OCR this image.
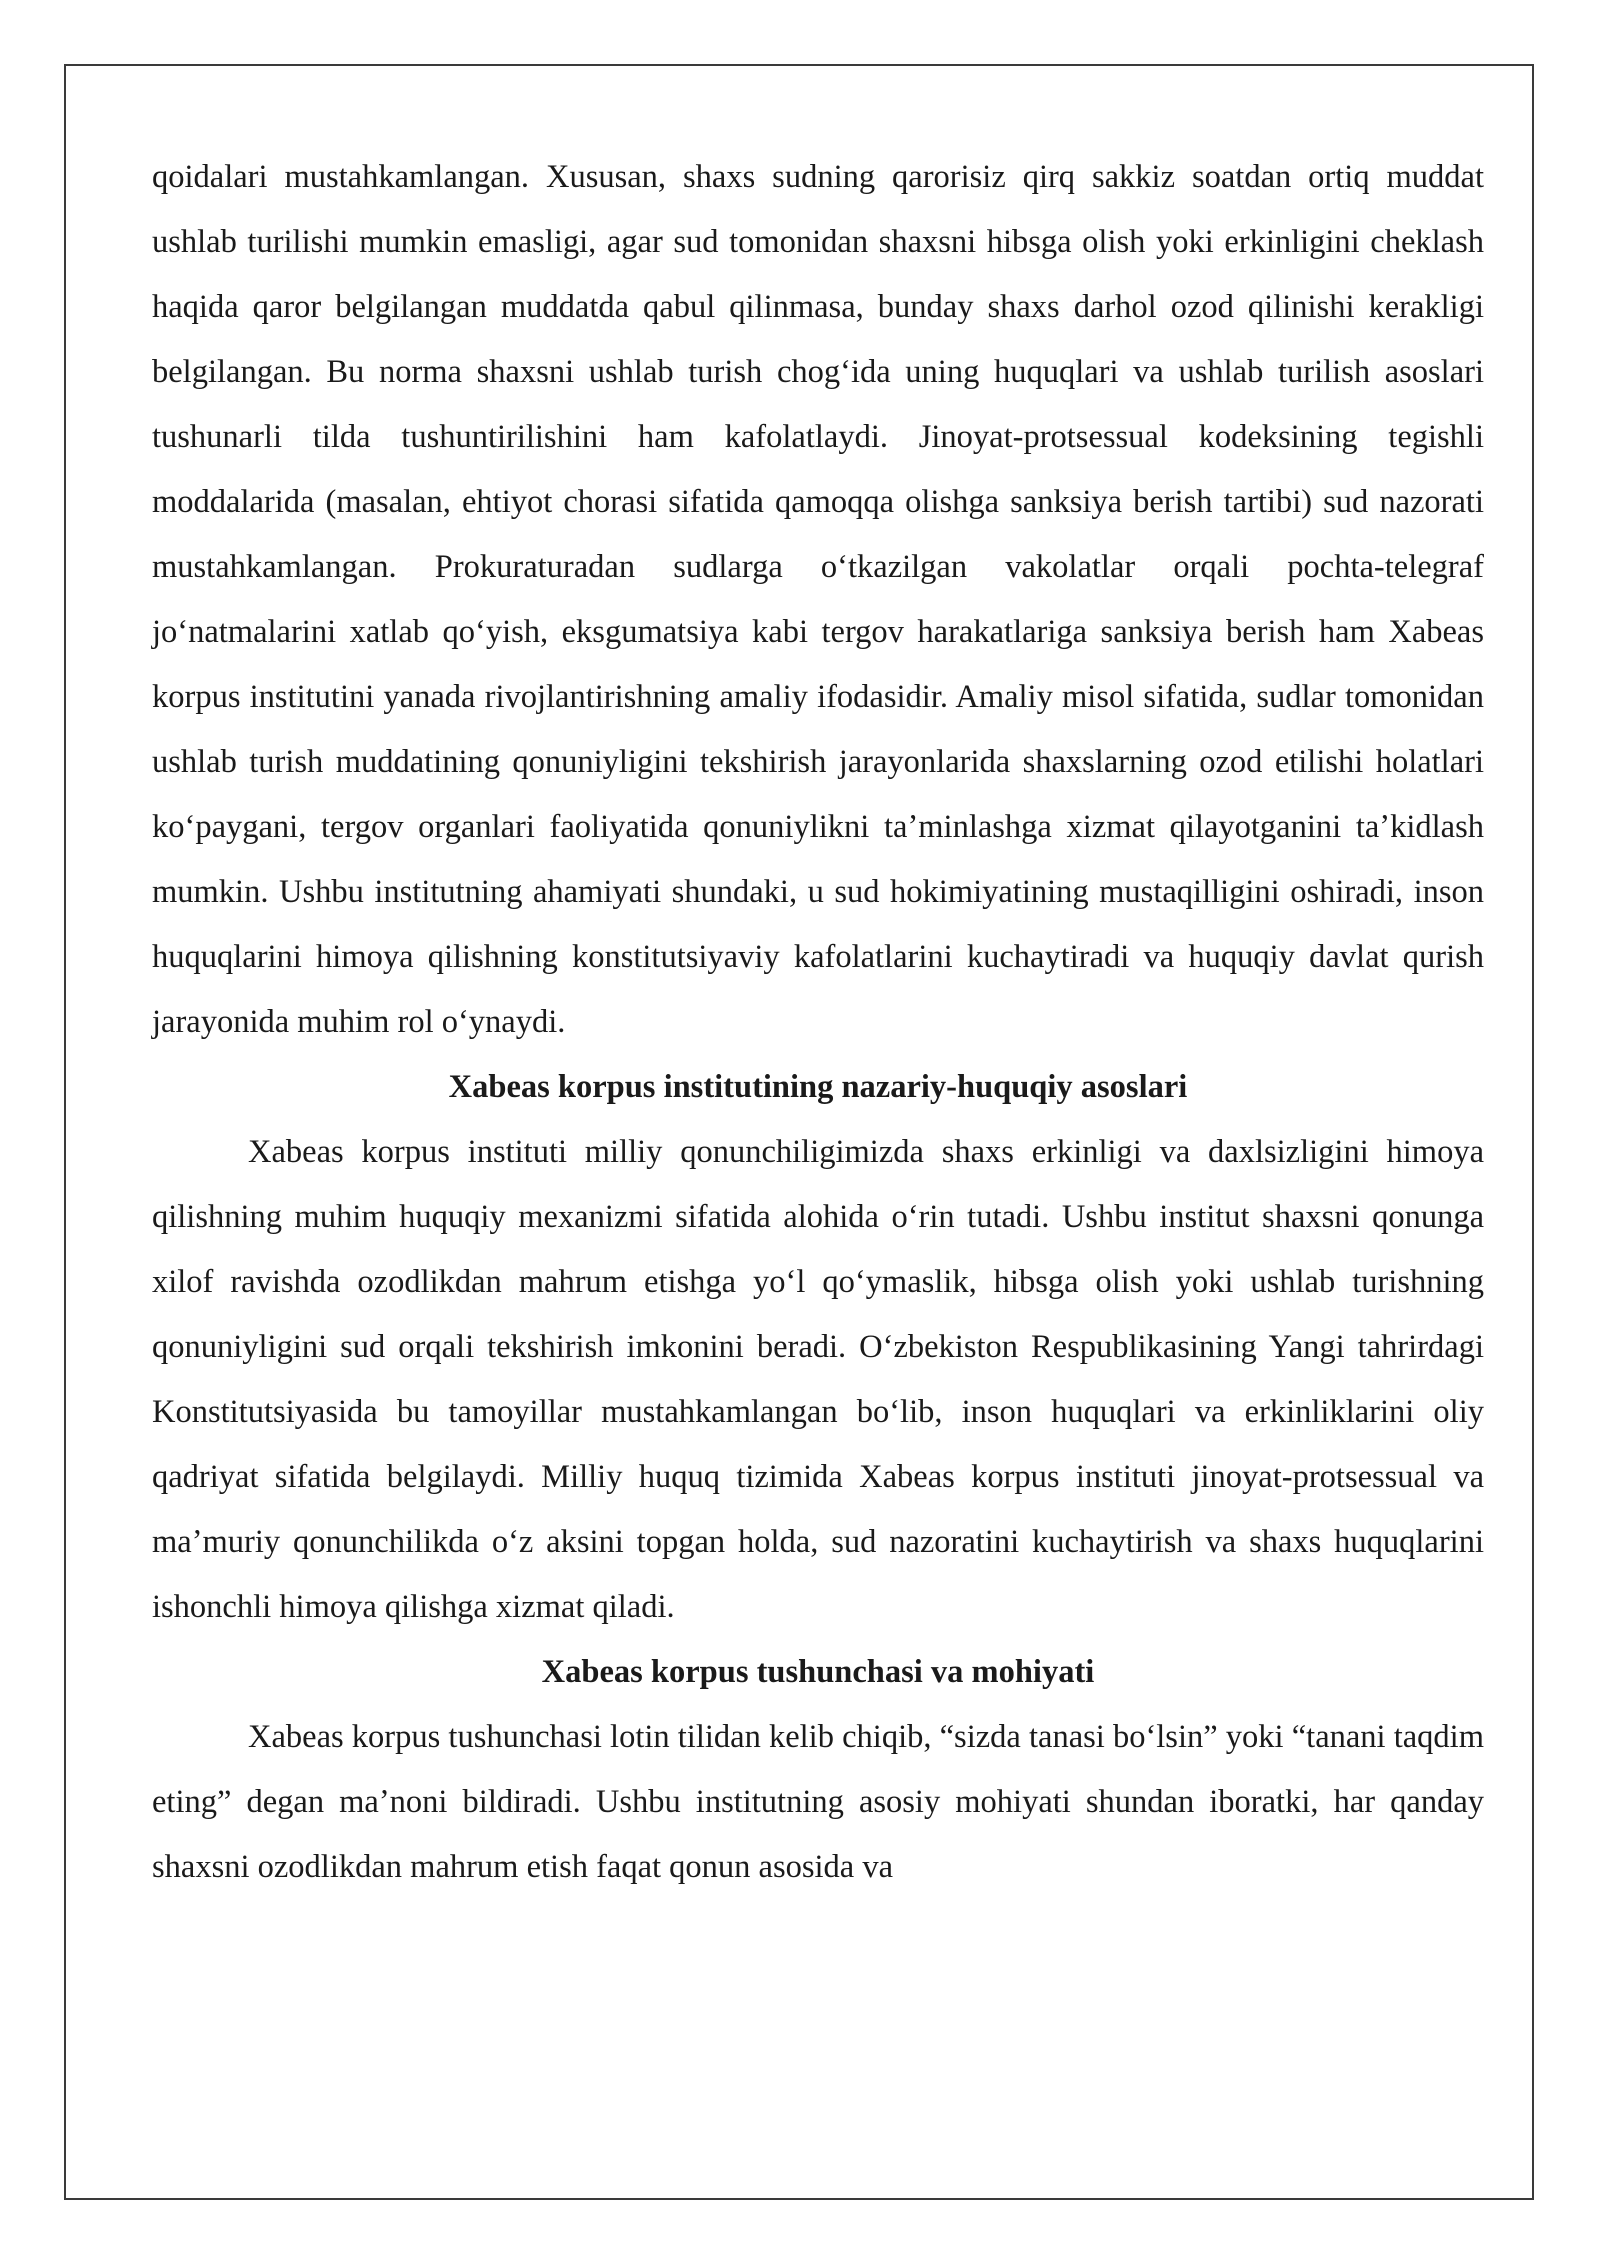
qoidalari mustahkamlangan. Xususan, shaxs sudning qarorisiz qirq sakkiz soatdan ortiq muddat ushlab turilishi mumkin emasligi, agar sud tomonidan shaxsni hibsga olish yoki erkinligini cheklash haqida qaror belgilangan muddatda qabul qilinmasa, bunday shaxs darhol ozod qilinishi kerakligi belgilangan. Bu norma shaxsni ushlab turish chogʻida uning huquqlari va ushlab turilish asoslari tushunarli tilda tushuntirilishini ham kafolatlaydi. Jinoyat-protsessual kodeksining tegishli moddalarida (masalan, ehtiyot chorasi sifatida qamoqqa olishga sanksiya berish tartibi) sud nazorati mustahkamlangan. Prokuraturadan sudlarga oʻtkazilgan vakolatlar orqali pochta-telegraf joʻnatmalarini xatlab qoʻyish, eksgumatsiya kabi tergov harakatlariga sanksiya berish ham Xabeas korpus institutini yanada rivojlantirishning amaliy ifodasidir. Amaliy misol sifatida, sudlar tomonidan ushlab turish muddatining qonuniyligini tekshirish jarayonlarida shaxslarning ozod etilishi holatlari koʻpaygani, tergov organlari faoliyatida qonuniylikni taʼminlashga xizmat qilayotganini taʼkidlash mumkin. Ushbu institutning ahamiyati shundaki, u sud hokimiyatining mustaqilligini oshiradi, inson huquqlarini himoya qilishning konstitutsiyaviy kafolatlarini kuchaytiradi va huquqiy davlat qurish jarayonida muhim rol oʻynaydi.

Xabeas korpus institutining nazariy-huquqiy asoslari

Xabeas korpus instituti milliy qonunchiligimizda shaxs erkinligi va daxlsizligini himoya qilishning muhim huquqiy mexanizmi sifatida alohida oʻrin tutadi. Ushbu institut shaxsni qonunga xilof ravishda ozodlikdan mahrum etishga yoʻl qoʻymaslik, hibsga olish yoki ushlab turishning qonuniyligini sud orqali tekshirish imkonini beradi. Oʻzbekiston Respublikasining Yangi tahrirdagi Konstitutsiyasida bu tamoyillar mustahkamlangan boʻlib, inson huquqlari va erkinliklarini oliy qadriyat sifatida belgilaydi. Milliy huquq tizimida Xabeas korpus instituti jinoyat-protsessual va maʼmuriy qonunchilikda oʻz aksini topgan holda, sud nazoratini kuchaytirish va shaxs huquqlarini ishonchli himoya qilishga xizmat qiladi.

Xabeas korpus tushunchasi va mohiyati

Xabeas korpus tushunchasi lotin tilidan kelib chiqib, “sizda tanasi boʻlsin” yoki “tanani taqdim eting” degan maʼnoni bildiradi. Ushbu institutning asosiy mohiyati shundan iboratki, har qanday shaxsni ozodlikdan mahrum etish faqat qonun asosida va
